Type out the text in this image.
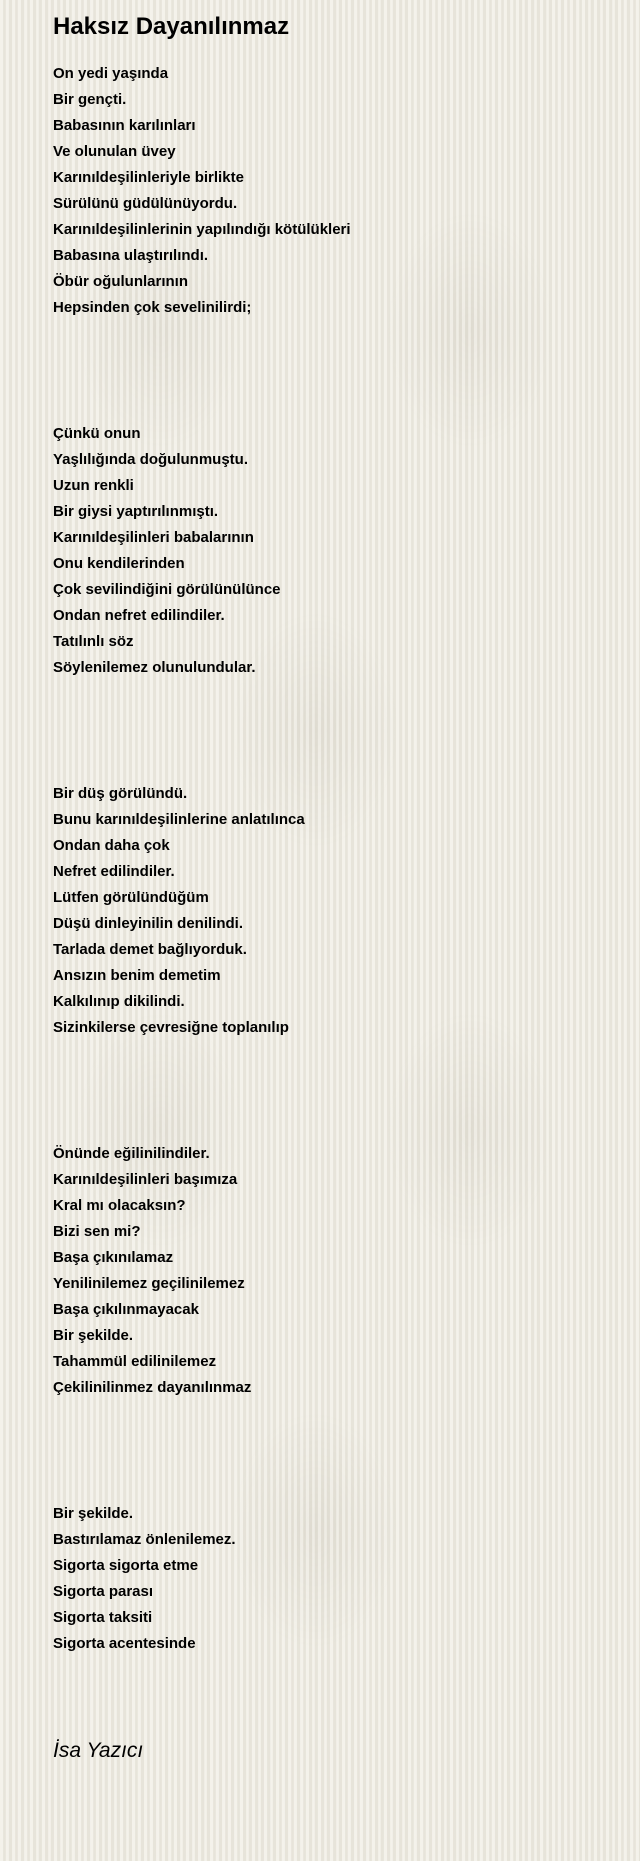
Haksız Dayanılınmaz
On yedi yaşında
Bir gençti.
Babasının karılınları
Ve olunulan üvey
Karınıldeşilinleriyle birlikte
Sürülünü güdülünüyordu.
Karınıldeşilinlerinin yapılındığı kötülükleri
Babasına ulaştırılındı.
Öbür oğulunlarının
Hepsinden çok sevelinilirdi;
Çünkü onun
Yaşlılığında doğulunmuştu.
Uzun renkli
Bir giysi yaptırılınmıştı.
Karınıldeşilinleri babalarının
Onu kendilerinden
Çok sevilindiğini görülünülünce
Ondan nefret edilindiler.
Tatılınlı söz
Söylenilemez olunulundular.
Bir düş görülündü.
Bunu karınıldeşilinlerine anlatılınca
Ondan daha çok
Nefret edilindiler.
Lütfen görülündüğüm
Düşü dinleyinilin denilindi.
Tarlada demet bağlıyorduk.
Ansızın benim demetim
Kalkılınıp dikilindi.
Sizinkilerse çevresiğne toplanılıp
Önünde eğilinilindiler.
Karınıldeşilinleri başımıza
Kral mı olacaksın?
Bizi sen mi?
Başa çıkınılamaz
Yenilinilemez geçilinilemez
Başa çıkılınmayacak
Bir şekilde.
Tahammül edilinilemez
Çekilinilinmez dayanılınmaz
Bir şekilde.
Bastırılamaz önlenilemez.
Sigorta sigorta etme
Sigorta parası
Sigorta taksiti
Sigorta acentesinde
İsa Yazıcı
